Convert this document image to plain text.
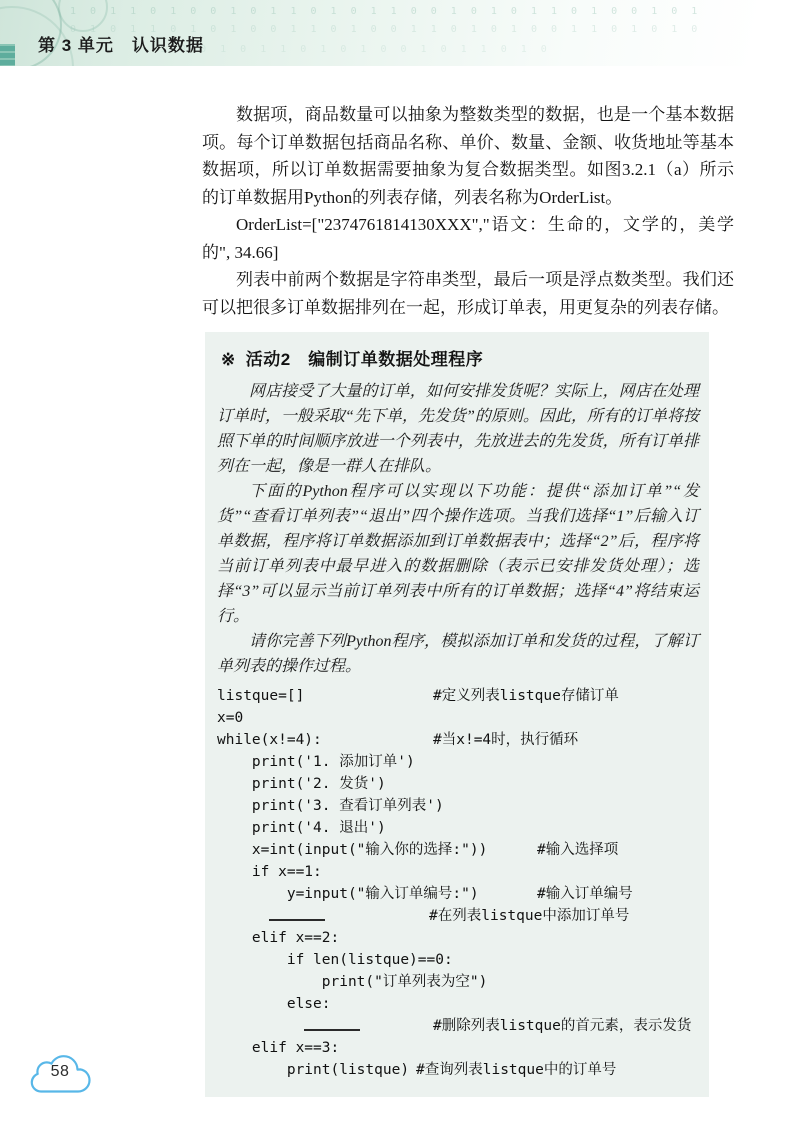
1 0 1 1 0 1 0 0 1 0 1 1 0 1 0 1 1 0 0 1 0 1 0 1 1 0 1 0 0 1 0 1
0 1 0 1 1 0 1 0 1 0 0 1 1 0 1 0 0 1 1 0 1 0 1 0 0 1 1 0 1 0 1 0
1 0 0 1 0 1 1 0 1 0 1 0 0 1 0 1 1 0 1 0
第 3 单元　认识数据

数据项，商品数量可以抽象为整数类型的数据，也是一个基本数据项。每个订单数据包括商品名称、单价、数量、金额、收货地址等基本数据项，所以订单数据需要抽象为复合数据类型。如图3.2.1（a）所示的订单数据用Python的列表存储，列表名称为OrderList。

OrderList=["2374761814130XXX","语文：生命的，文学的，美学的", 34.66]

列表中前两个数据是字符串类型，最后一项是浮点数类型。我们还可以把很多订单数据排列在一起，形成订单表，用更复杂的列表存储。

※ 活动2　编制订单数据处理程序

网店接受了大量的订单，如何安排发货呢？实际上，网店在处理订单时，一般采取“先下单，先发货”的原则。因此，所有的订单将按照下单的时间顺序放进一个列表中，先放进去的先发货，所有订单排列在一起，像是一群人在排队。

下面的Python程序可以实现以下功能：提供“添加订单”“发货”“查看订单列表”“退出”四个操作选项。当我们选择“1”后输入订单数据，程序将订单数据添加到订单数据表中；选择“2”后，程序将当前订单列表中最早进入的数据删除（表示已安排发货处理）；选择“3”可以显示当前订单列表中所有的订单数据；选择“4”将结束运行。

请你完善下列Python程序，模拟添加订单和发货的过程，了解订单列表的操作过程。

listque=[]	#定义列表listque存储订单
x=0
while(x!=4):	#当x!=4时，执行循环
print('1. 添加订单')
print('2. 发货')
print('3. 查看订单列表')
print('4. 退出')
x=int(input("输入你的选择:"))	#输入选择项
if x==1:
y=input("输入订单编号:")	#输入订单编号

#在列表listque中添加订单号
elif x==2:
if len(listque)==0:
print("订单列表为空")
else:

#删除列表listque的首元素，表示发货
elif x==3:
print(listque) #查询列表listque中的订单号
58
